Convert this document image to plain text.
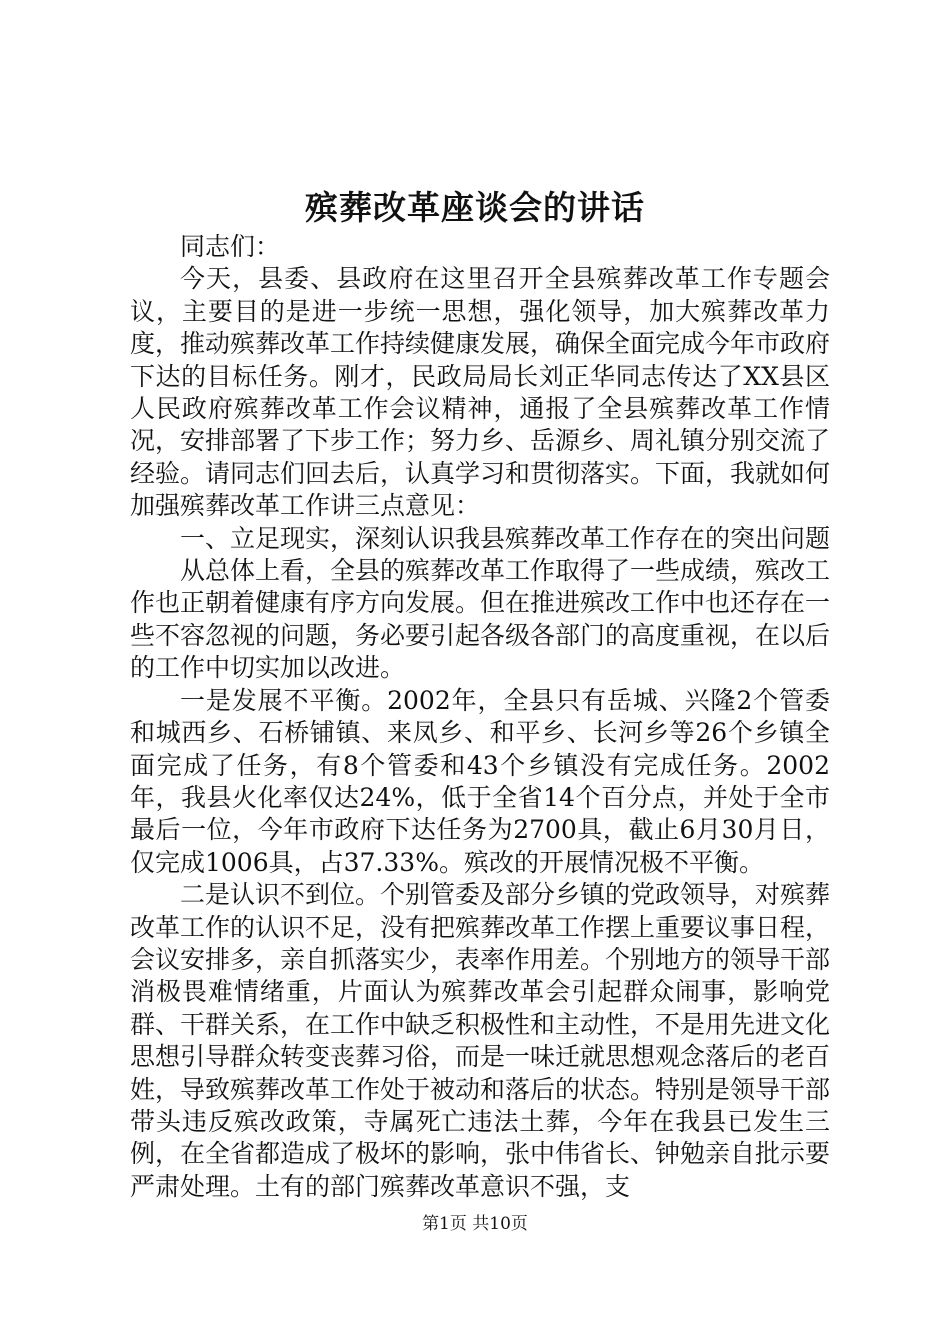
殡葬改革座谈会的讲话

同志们：

今天，县委、县政府在这里召开全县殡葬改革工作专题会议，主要目的是进一步统一思想，强化领导，加大殡葬改革力度，推动殡葬改革工作持续健康发展，确保全面完成今年市政府下达的目标任务。刚才，民政局局长刘正华同志传达了XX县区人民政府殡葬改革工作会议精神，通报了全县殡葬改革工作情况，安排部署了下步工作；努力乡、岳源乡、周礼镇分别交流了经验。请同志们回去后，认真学习和贯彻落实。下面，我就如何加强殡葬改革工作讲三点意见：

一、立足现实，深刻认识我县殡葬改革工作存在的突出问题

从总体上看，全县的殡葬改革工作取得了一些成绩，殡改工作也正朝着健康有序方向发展。但在推进殡改工作中也还存在一些不容忽视的问题，务必要引起各级各部门的高度重视，在以后的工作中切实加以改进。

一是发展不平衡。2002年，全县只有岳城、兴隆2个管委和城西乡、石桥铺镇、来凤乡、和平乡、长河乡等26个乡镇全面完成了任务，有8个管委和43个乡镇没有完成任务。2002年，我县火化率仅达24%，低于全省14个百分点，并处于全市最后一位，今年市政府下达任务为2700具，截止6月30月日，仅完成1006具，占37.33%。殡改的开展情况极不平衡。

二是认识不到位。个别管委及部分乡镇的党政领导，对殡葬改革工作的认识不足，没有把殡葬改革工作摆上重要议事日程，会议安排多，亲自抓落实少，表率作用差。个别地方的领导干部消极畏难情绪重，片面认为殡葬改革会引起群众闹事，影响党群、干群关系，在工作中缺乏积极性和主动性，不是用先进文化思想引导群众转变丧葬习俗，而是一味迁就思想观念落后的老百姓，导致殡葬改革工作处于被动和落后的状态。特别是领导干部带头违反殡改政策，寺属死亡违法土葬，今年在我县已发生三例，在全省都造成了极坏的影响，张中伟省长、钟勉亲自批示要严肃处理。土有的部门殡葬改革意识不强，支

第1页 共10页
